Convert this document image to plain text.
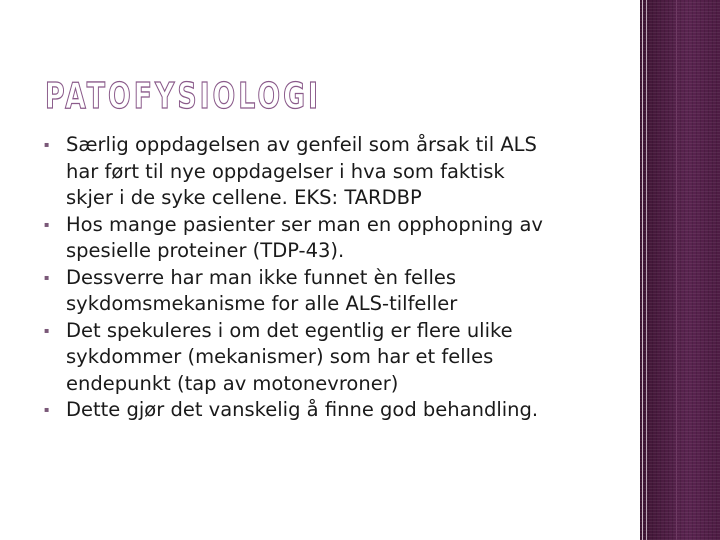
PATOFYSIOLOGI
▪ Særlig oppdagelsen av genfeil som årsak til ALS
har ført til nye oppdagelser i hva som faktisk
skjer i de syke cellene. EKS: TARDBP
▪ Hos mange pasienter ser man en opphopning av
spesielle proteiner (TDP-43).
▪ Dessverre har man ikke funnet èn felles
sykdomsmekanisme for alle ALS-tilfeller
▪ Det spekuleres i om det egentlig er flere ulike
sykdommer (mekanismer) som har et felles
endepunkt (tap av motonevroner)
▪ Dette gjør det vanskelig å finne god behandling.
